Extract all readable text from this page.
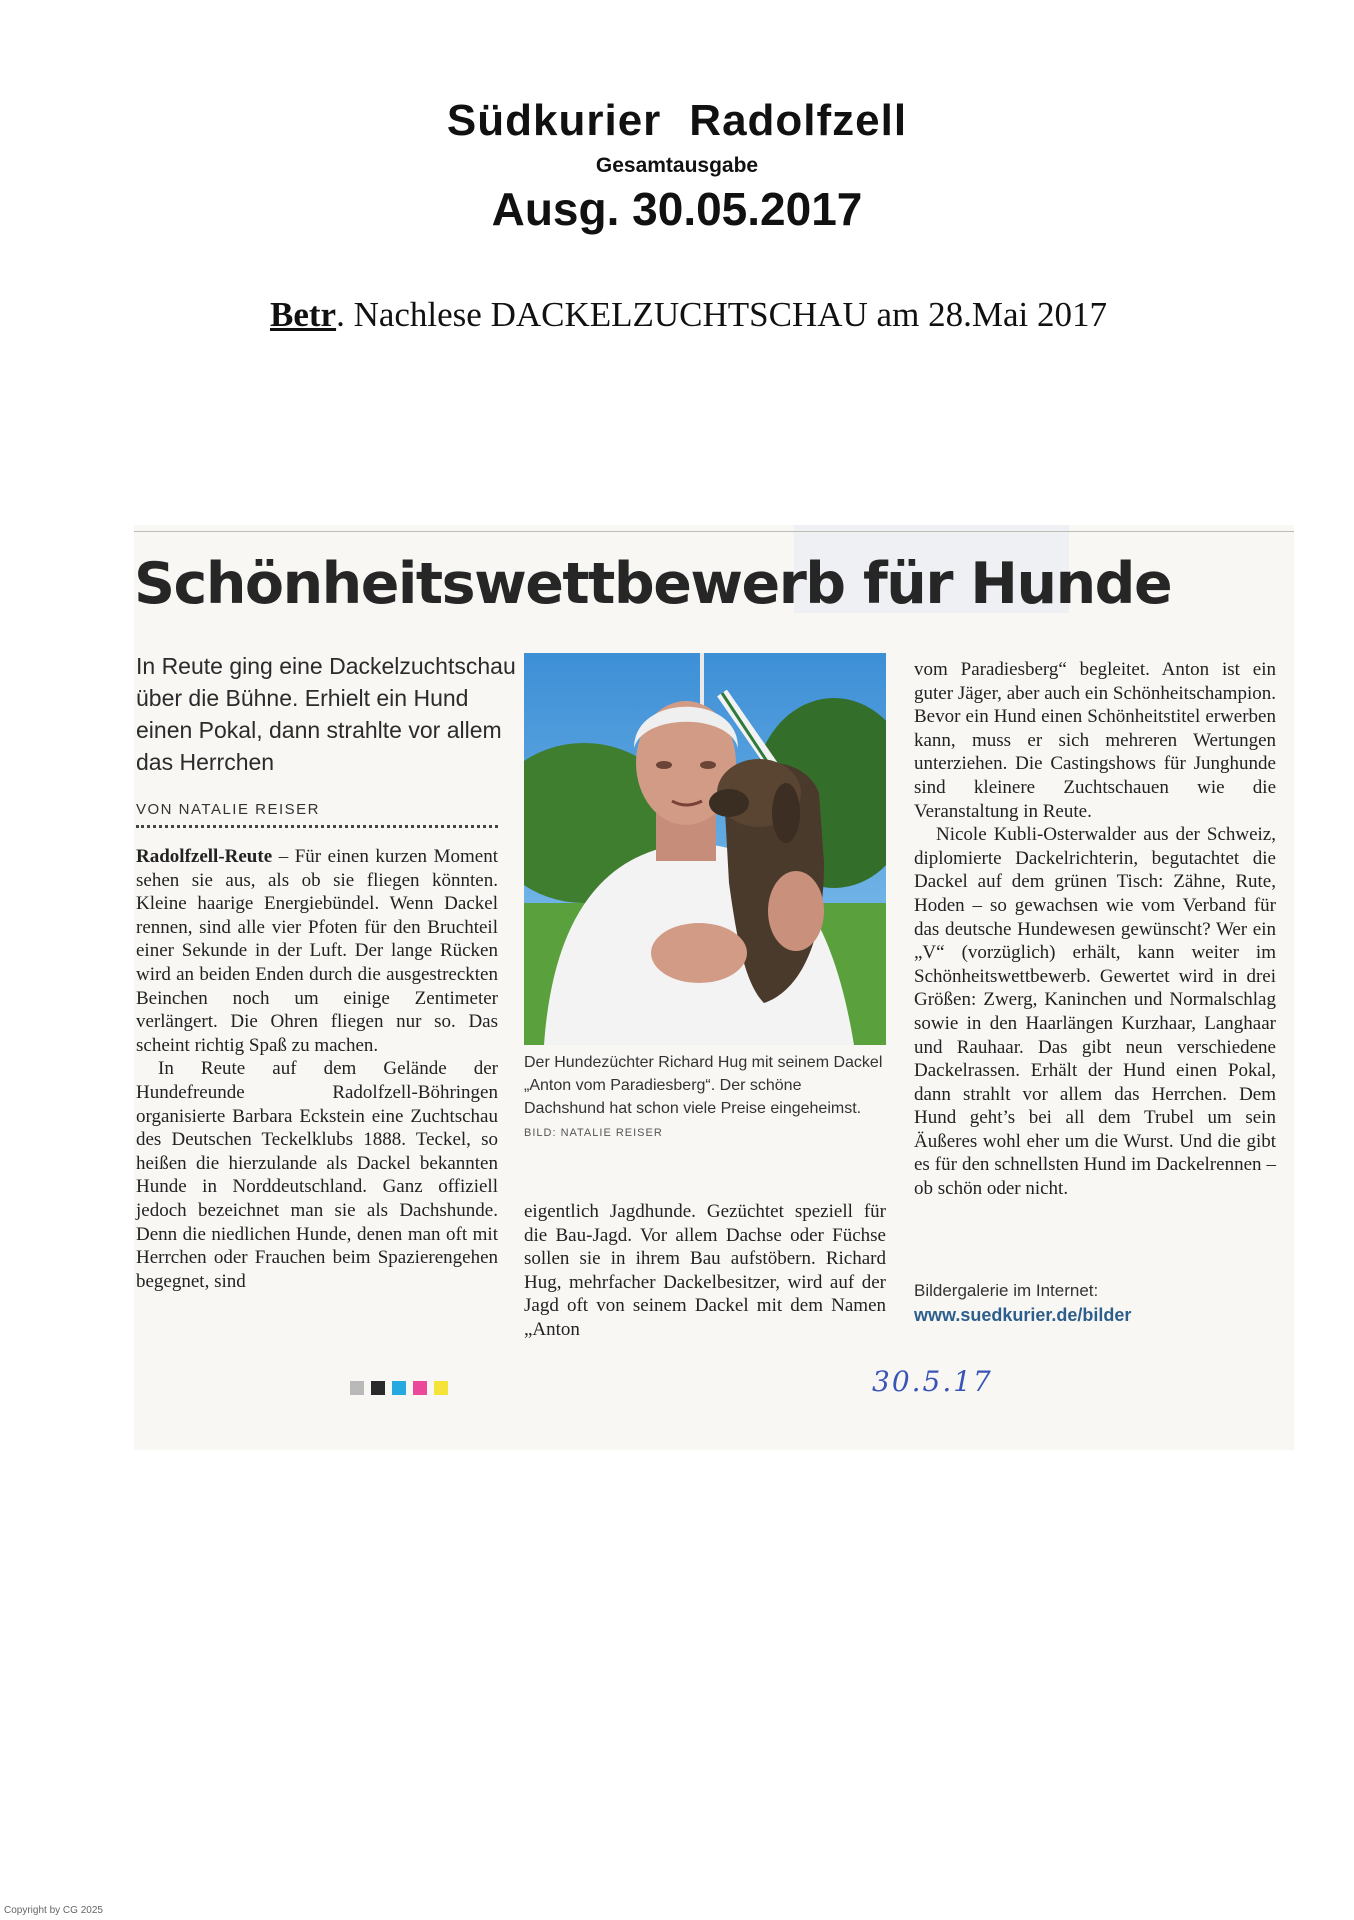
Südkurier Radolfzell
Gesamtausgabe
Ausg. 30.05.2017
Betr. Nachlese DACKELZUCHTSCHAU am 28.Mai 2017
Schönheitswettbewerb für Hunde
In Reute ging eine Dackelzuchtschau über die Bühne. Erhielt ein Hund einen Pokal, dann strahlte vor allem das Herrchen
VON NATALIE REISER

Radolfzell-Reute – Für einen kurzen Moment sehen sie aus, als ob sie fliegen könnten. Kleine haarige Energiebündel. Wenn Dackel rennen, sind alle vier Pfoten für den Bruchteil einer Sekunde in der Luft. Der lange Rücken wird an beiden Enden durch die ausgestreckten Beinchen noch um einige Zentimeter verlängert. Die Ohren fliegen nur so. Das scheint richtig Spaß zu machen.

In Reute auf dem Gelände der Hundefreunde Radolfzell-Böhringen organisierte Barbara Eckstein eine Zuchtschau des Deutschen Teckelklubs 1888. Teckel, so heißen die hierzulande als Dackel bekannten Hunde in Norddeutschland. Ganz offiziell jedoch bezeichnet man sie als Dachshunde. Denn die niedlichen Hunde, denen man oft mit Herrchen oder Frauchen beim Spazierengehen begegnet, sind

Der Hundezüchter Richard Hug mit seinem Dackel „Anton vom Paradiesberg“. Der schöne Dachshund hat schon viele Preise eingeheimst. BILD: NATALIE REISER

eigentlich Jagdhunde. Gezüchtet speziell für die Bau-Jagd. Vor allem Dachse oder Füchse sollen sie in ihrem Bau aufstöbern. Richard Hug, mehrfacher Dackelbesitzer, wird auf der Jagd oft von seinem Dackel mit dem Namen „Anton

vom Paradiesberg“ begleitet. Anton ist ein guter Jäger, aber auch ein Schönheitschampion. Bevor ein Hund einen Schönheitstitel erwerben kann, muss er sich mehreren Wertungen unterziehen. Die Castingshows für Junghunde sind kleinere Zuchtschauen wie die Veranstaltung in Reute.

Nicole Kubli-Osterwalder aus der Schweiz, diplomierte Dackelrichterin, begutachtet die Dackel auf dem grünen Tisch: Zähne, Rute, Hoden – so gewachsen wie vom Verband für das deutsche Hundewesen gewünscht? Wer ein „V“ (vorzüglich) erhält, kann weiter im Schönheitswettbewerb. Gewertet wird in drei Größen: Zwerg, Kaninchen und Normalschlag sowie in den Haarlängen Kurzhaar, Langhaar und Rauhaar. Das gibt neun verschiedene Dackelrassen. Erhält der Hund einen Pokal, dann strahlt vor allem das Herrchen. Dem Hund geht’s bei all dem Trubel um sein Äußeres wohl eher um die Wurst. Und die gibt es für den schnellsten Hund im Dackelrennen – ob schön oder nicht.

Bildergalerie im Internet:
www.suedkurier.de/bilder
30.5.17
Copyright by CG 2025
